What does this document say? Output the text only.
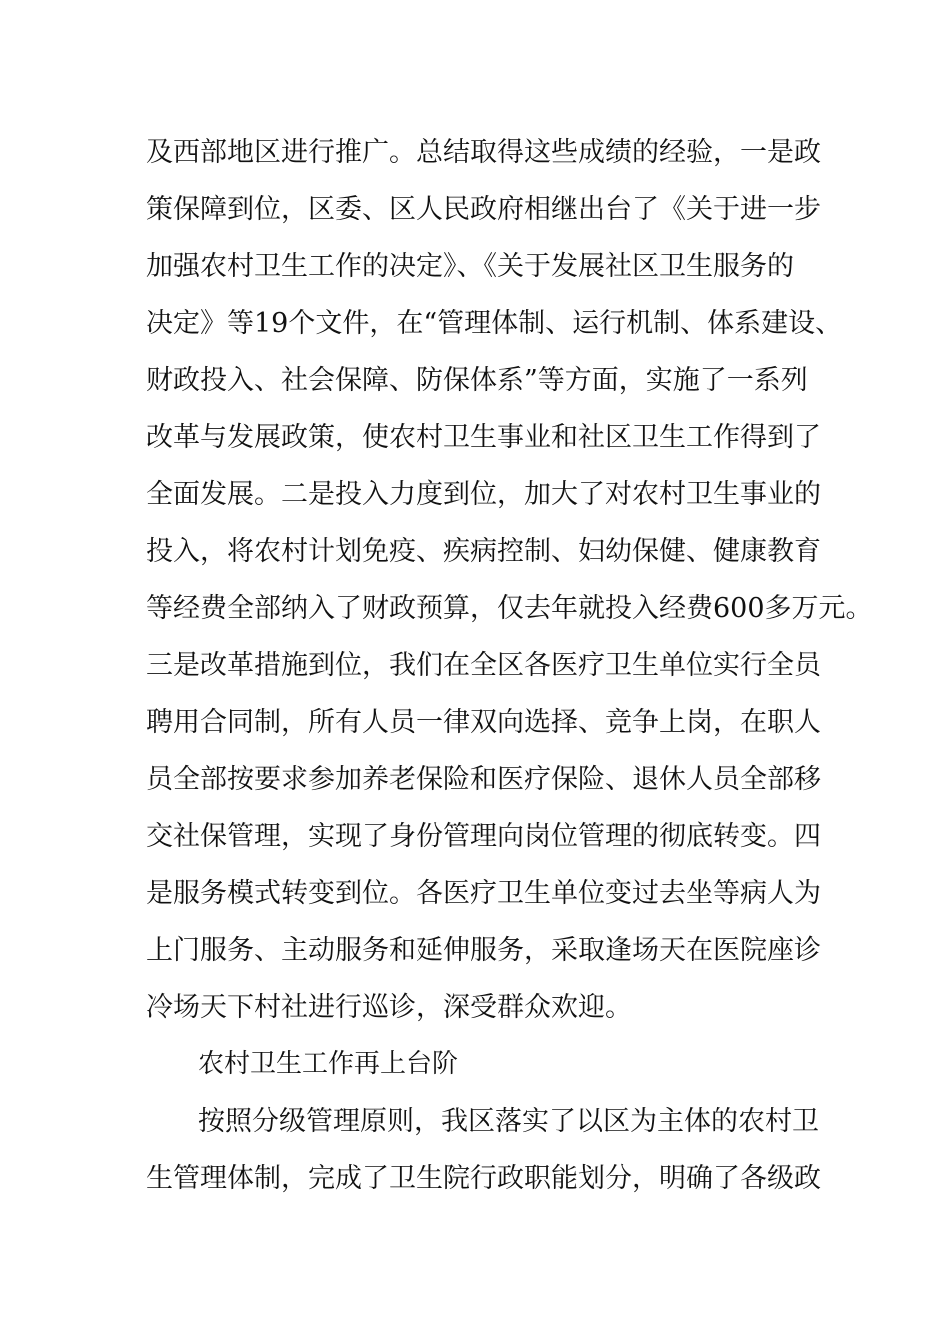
及西部地区进行推广。总结取得这些成绩的经验，一是政
策保障到位，区委、区人民政府相继出台了《关于进一步
加强农村卫生工作的决定》、《关于发展社区卫生服务的
决定》等19个文件，在“管理体制、运行机制、体系建设、
财政投入、社会保障、防保体系”等方面，实施了一系列
改革与发展政策，使农村卫生事业和社区卫生工作得到了
全面发展。二是投入力度到位，加大了对农村卫生事业的
投入，将农村计划免疫、疾病控制、妇幼保健、健康教育
等经费全部纳入了财政预算，仅去年就投入经费600多万元。
三是改革措施到位，我们在全区各医疗卫生单位实行全员
聘用合同制，所有人员一律双向选择、竞争上岗，在职人
员全部按要求参加养老保险和医疗保险、退休人员全部移
交社保管理，实现了身份管理向岗位管理的彻底转变。四
是服务模式转变到位。各医疗卫生单位变过去坐等病人为
上门服务、主动服务和延伸服务，采取逢场天在医院座诊
冷场天下村社进行巡诊，深受群众欢迎。
农村卫生工作再上台阶
按照分级管理原则，我区落实了以区为主体的农村卫
生管理体制，完成了卫生院行政职能划分，明确了各级政
